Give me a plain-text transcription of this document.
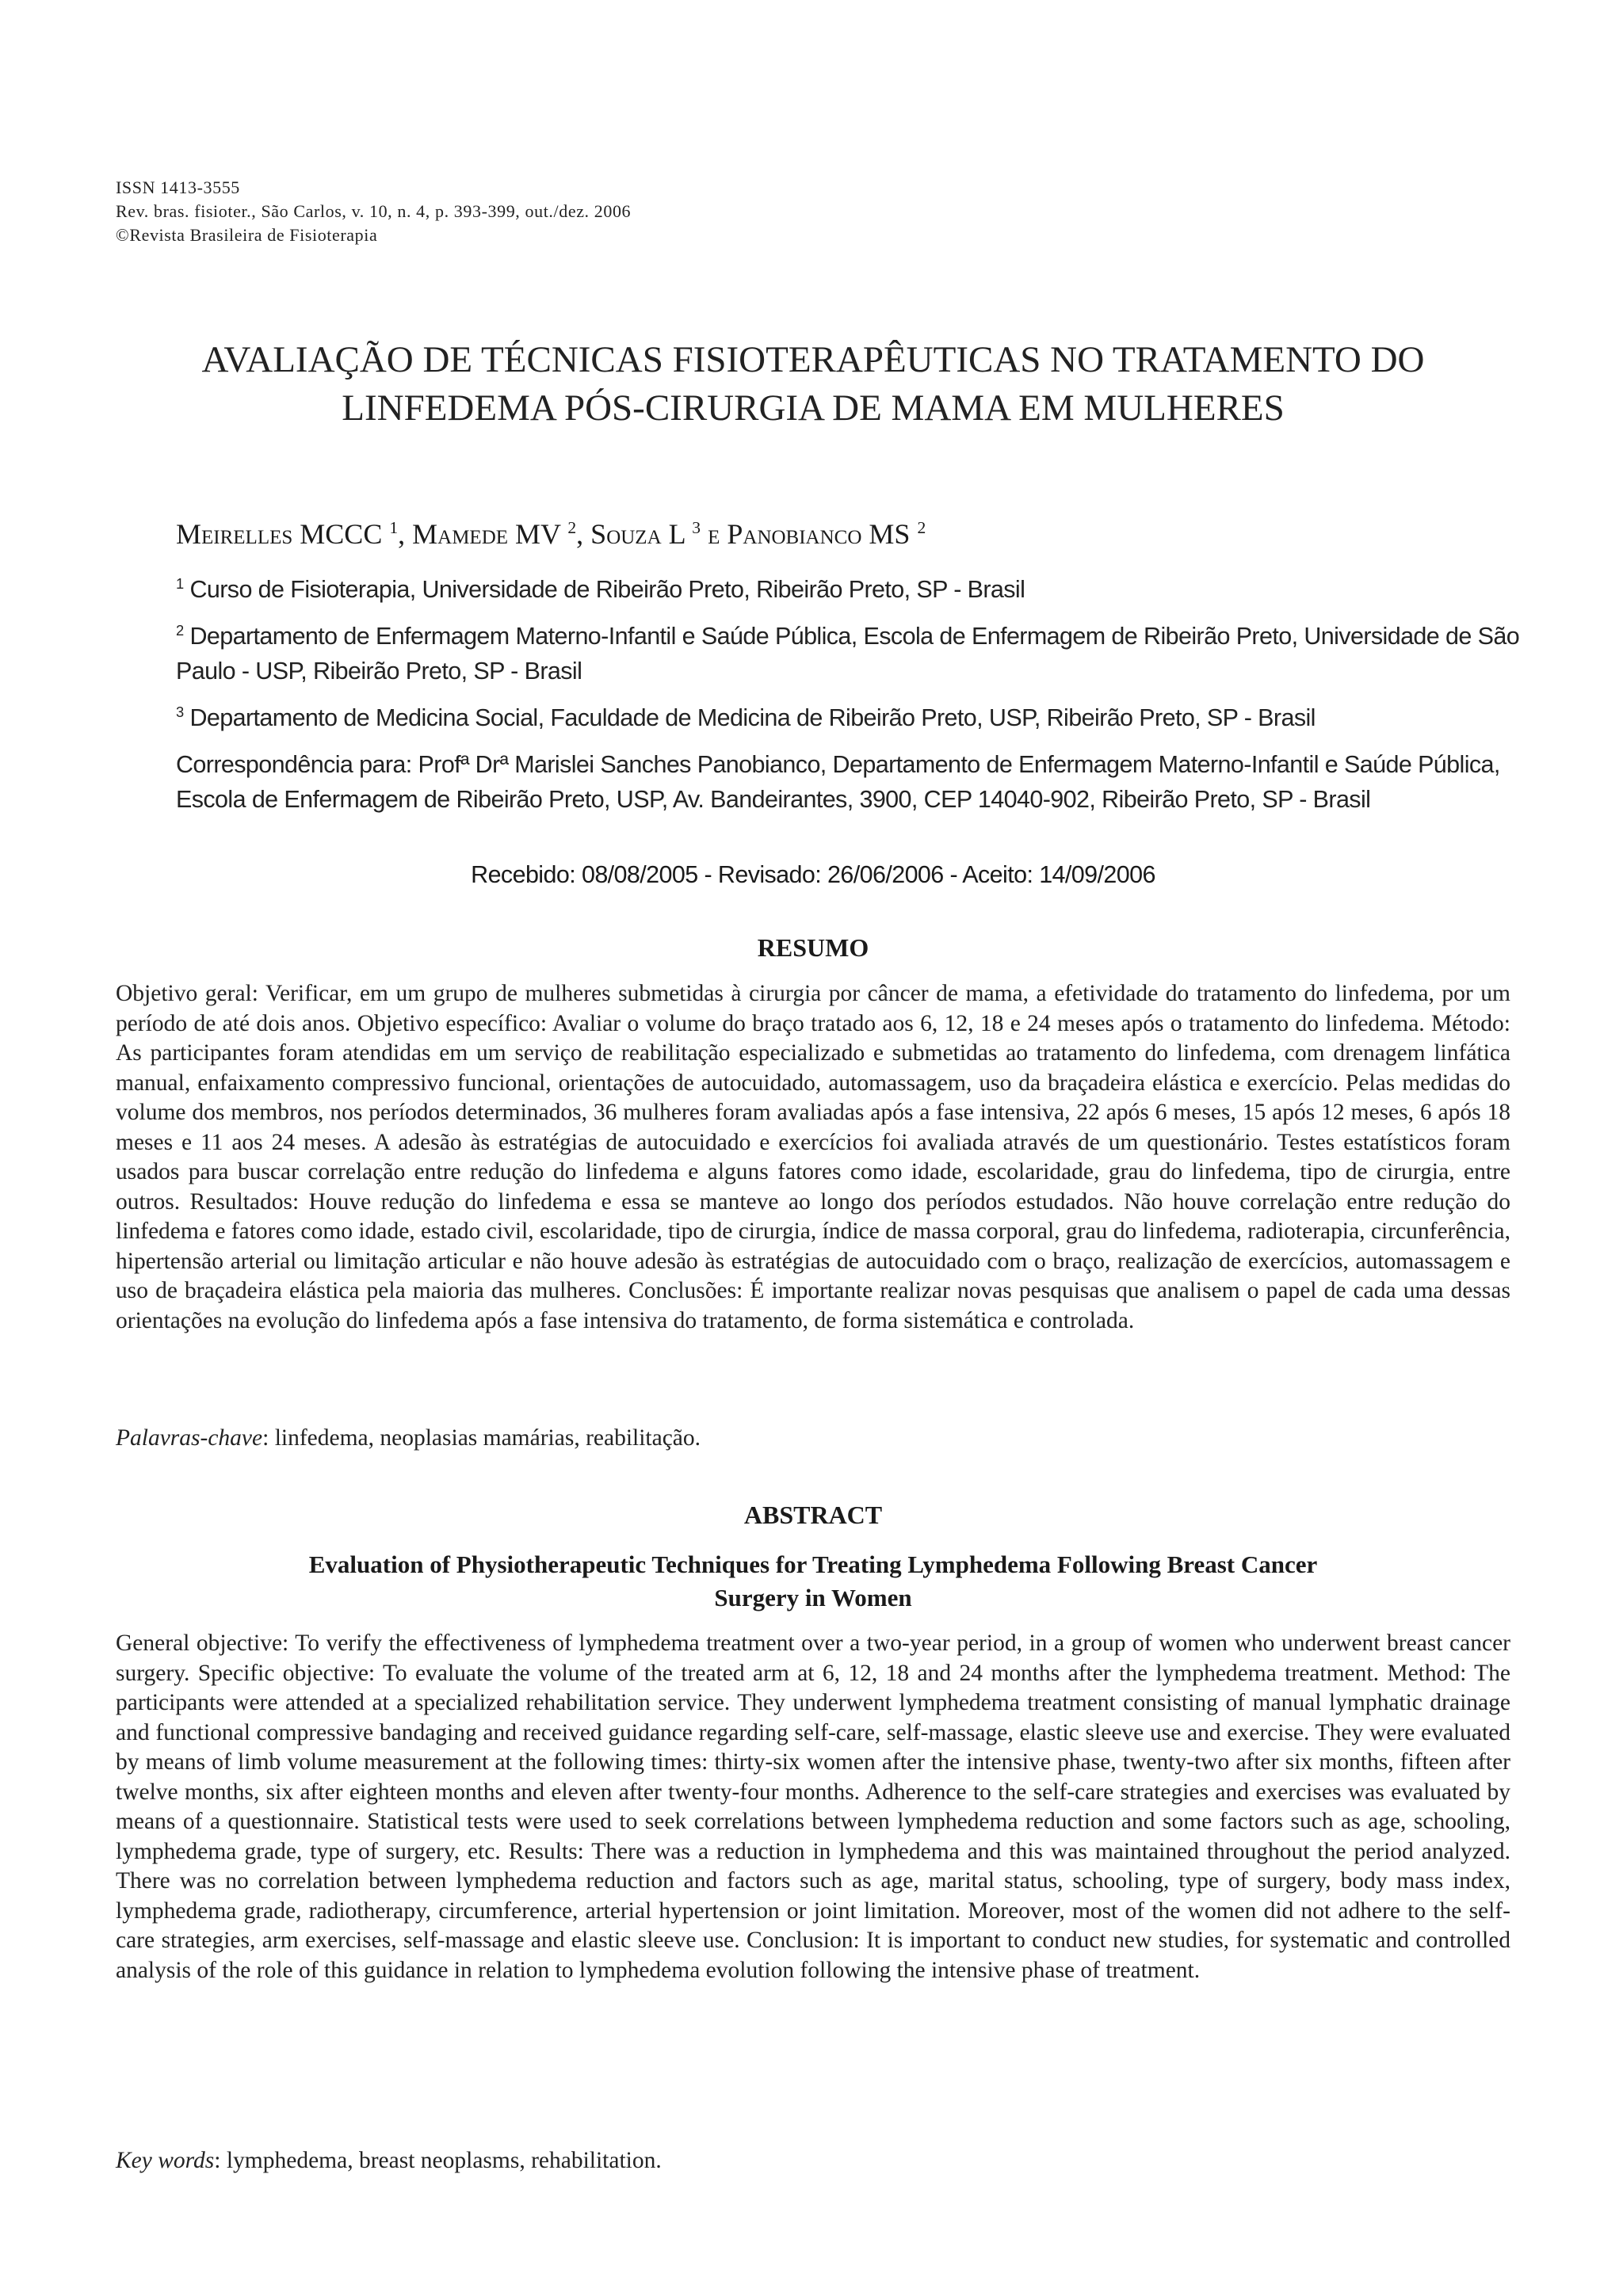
ISSN 1413-3555
Rev. bras. fisioter., São Carlos, v. 10, n. 4, p. 393-399, out./dez. 2006
©Revista Brasileira de Fisioterapia
AVALIAÇÃO DE TÉCNICAS FISIOTERAPÊUTICAS NO TRATAMENTO DO
LINFEDEMA PÓS-CIRURGIA DE MAMA EM MULHERES
Meirelles MCCC $^1$, Mamede MV $^2$, Souza L $^3$ e Panobianco MS $^2$
$^1$ Curso de Fisioterapia, Universidade de Ribeirão Preto, Ribeirão Preto, SP - Brasil
$^2$ Departamento de Enfermagem Materno-Infantil e Saúde Pública, Escola de Enfermagem de Ribeirão Preto, Universidade de São Paulo - USP, Ribeirão Preto, SP - Brasil
$^3$ Departamento de Medicina Social, Faculdade de Medicina de Ribeirão Preto, USP, Ribeirão Preto, SP - Brasil
Correspondência para: Profª Drª Marislei Sanches Panobianco, Departamento de Enfermagem Materno-Infantil e Saúde Pública, Escola de Enfermagem de Ribeirão Preto, USP, Av. Bandeirantes, 3900, CEP 14040-902, Ribeirão Preto, SP - Brasil
Recebido: 08/08/2005 - Revisado: 26/06/2006 - Aceito: 14/09/2006
RESUMO
Objetivo geral: Verificar, em um grupo de mulheres submetidas à cirurgia por câncer de mama, a efetividade do tratamento do linfedema, por um período de até dois anos. Objetivo específico: Avaliar o volume do braço tratado aos 6, 12, 18 e 24 meses após o tratamento do linfedema. Método: As participantes foram atendidas em um serviço de reabilitação especializado e submetidas ao tratamento do linfedema, com drenagem linfática manual, enfaixamento compressivo funcional, orientações de autocuidado, automassagem, uso da braçadeira elástica e exercício. Pelas medidas do volume dos membros, nos períodos determinados, 36 mulheres foram avaliadas após a fase intensiva, 22 após 6 meses, 15 após 12 meses, 6 após 18 meses e 11 aos 24 meses. A adesão às estratégias de autocuidado e exercícios foi avaliada através de um questionário. Testes estatísticos foram usados para buscar correlação entre redução do linfedema e alguns fatores como idade, escolaridade, grau do linfedema, tipo de cirurgia, entre outros. Resultados: Houve redução do linfedema e essa se manteve ao longo dos períodos estudados. Não houve correlação entre redução do linfedema e fatores como idade, estado civil, escolaridade, tipo de cirurgia, índice de massa corporal, grau do linfedema, radioterapia, circunferência, hipertensão arterial ou limitação articular e não houve adesão às estratégias de autocuidado com o braço, realização de exercícios, automassagem e uso de braçadeira elástica pela maioria das mulheres. Conclusões: É importante realizar novas pesquisas que analisem o papel de cada uma dessas orientações na evolução do linfedema após a fase intensiva do tratamento, de forma sistemática e controlada.
Palavras-chave: linfedema, neoplasias mamárias, reabilitação.
ABSTRACT
Evaluation of Physiotherapeutic Techniques for Treating Lymphedema Following Breast Cancer
Surgery in Women
General objective: To verify the effectiveness of lymphedema treatment over a two-year period, in a group of women who underwent breast cancer surgery. Specific objective: To evaluate the volume of the treated arm at 6, 12, 18 and 24 months after the lymphedema treatment. Method: The participants were attended at a specialized rehabilitation service. They underwent lymphedema treatment consisting of manual lymphatic drainage and functional compressive bandaging and received guidance regarding self-care, self-massage, elastic sleeve use and exercise. They were evaluated by means of limb volume measurement at the following times: thirty-six women after the intensive phase, twenty-two after six months, fifteen after twelve months, six after eighteen months and eleven after twenty-four months. Adherence to the self-care strategies and exercises was evaluated by means of a questionnaire. Statistical tests were used to seek correlations between lymphedema reduction and some factors such as age, schooling, lymphedema grade, type of surgery, etc. Results: There was a reduction in lymphedema and this was maintained throughout the period analyzed. There was no correlation between lymphedema reduction and factors such as age, marital status, schooling, type of surgery, body mass index, lymphedema grade, radiotherapy, circumference, arterial hypertension or joint limitation. Moreover, most of the women did not adhere to the self-care strategies, arm exercises, self-massage and elastic sleeve use. Conclusion: It is important to conduct new studies, for systematic and controlled analysis of the role of this guidance in relation to lymphedema evolution following the intensive phase of treatment.
Key words: lymphedema, breast neoplasms, rehabilitation.
